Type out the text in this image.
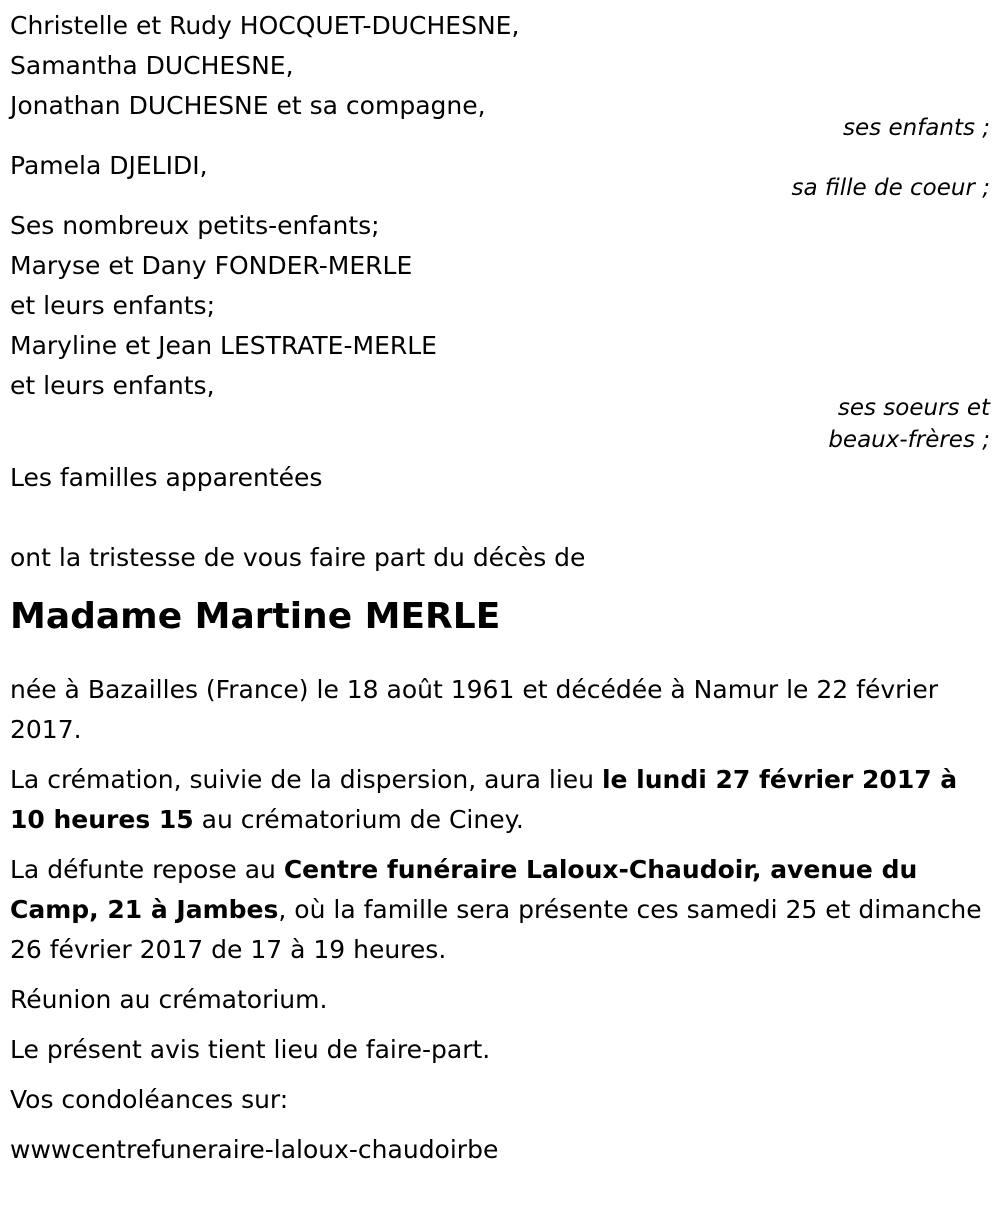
Christelle et Rudy HOCQUET-DUCHESNE,
Samantha DUCHESNE,
Jonathan DUCHESNE et sa compagne,
ses enfants ;
Pamela DJELIDI,
sa fille de coeur ;
Ses nombreux petits-enfants;
Maryse et Dany FONDER-MERLE
et leurs enfants;
Maryline et Jean LESTRATE-MERLE
et leurs enfants,
ses soeurs et
beaux-frères ;
Les familles apparentées
ont la tristesse de vous faire part du décès de
Madame Martine MERLE
née à Bazailles (France) le 18 août 1961 et décédée à Namur le 22 février 2017.
La crémation, suivie de la dispersion, aura lieu le lundi 27 février 2017 à 10 heures 15 au crématorium de Ciney.
La défunte repose au Centre funéraire Laloux-Chaudoir, avenue du Camp, 21 à Jambes, où la famille sera présente ces samedi 25 et dimanche 26 février 2017 de 17 à 19 heures.
Réunion au crématorium.
Le présent avis tient lieu de faire-part.
Vos condoléances sur:
wwwcentrefuneraire-laloux-chaudoirbe
